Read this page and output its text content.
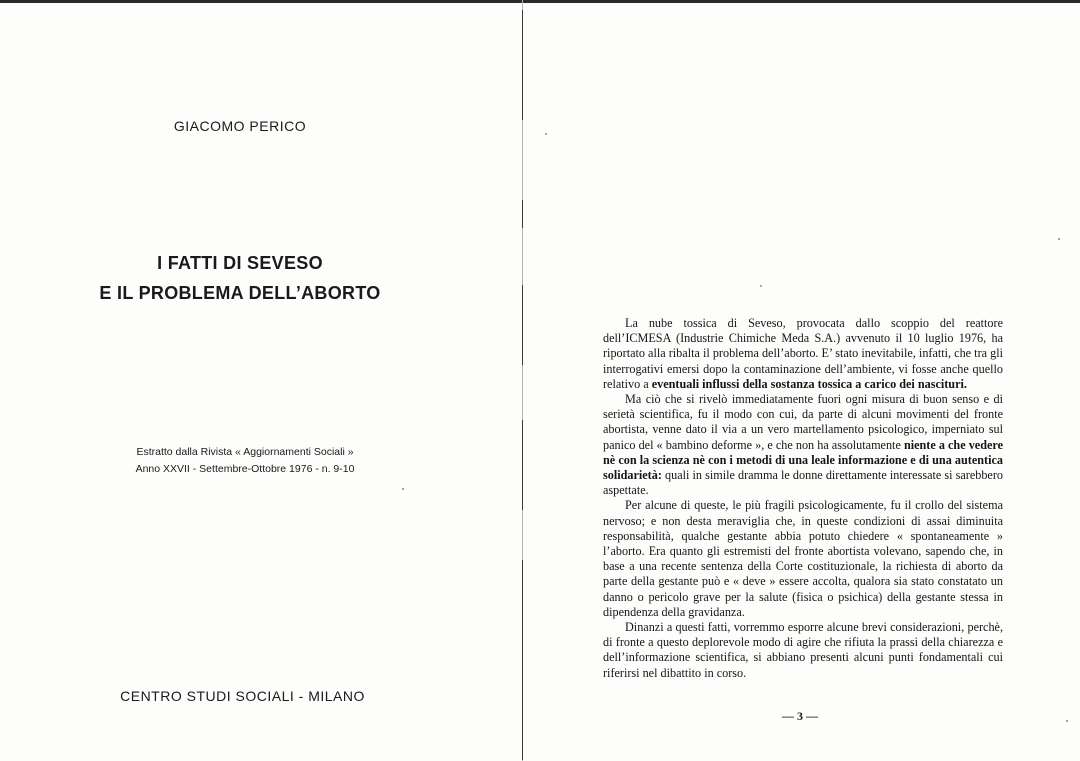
GIACOMO PERICO
I FATTI DI SEVESO
E IL PROBLEMA DELL’ABORTO
Estratto dalla Rivista « Aggiornamenti Sociali »
Anno XXVII - Settembre-Ottobre 1976 - n. 9-10
CENTRO STUDI SOCIALI - MILANO

La nube tossica di Seveso, provocata dallo scoppio del reattore dell’ICMESA (Industrie Chimiche Meda S.A.) avvenuto il 10 luglio 1976, ha riportato alla ribalta il problema dell’aborto. E’ stato inevitabile, infatti, che tra gli interrogativi emersi dopo la contaminazione dell’ambiente, vi fosse anche quello relativo a eventuali influssi della sostanza tossica a carico dei nascituri.

Ma ciò che si rivelò immediatamente fuori ogni misura di buon senso e di serietà scientifica, fu il modo con cui, da parte di alcuni movimenti del fronte abortista, venne dato il via a un vero martellamento psicologico, imperniato sul panico del « bambino deforme », e che non ha assolutamente niente a che vedere nè con la scienza nè con i metodi di una leale informazione e di una autentica solidarietà: quali in simile dramma le donne direttamente interessate si sarebbero aspettate.

Per alcune di queste, le più fragili psicologicamente, fu il crollo del sistema nervoso; e non desta meraviglia che, in queste condizioni di assai diminuita responsabilità, qualche gestante abbia potuto chiedere « spontaneamente » l’aborto. Era quanto gli estremisti del fronte abortista volevano, sapendo che, in base a una recente sentenza della Corte costituzionale, la richiesta di aborto da parte della gestante può e « deve » essere accolta, qualora sia stato constatato un danno o pericolo grave per la salute (fisica o psichica) della gestante stessa in dipendenza della gravidanza.

Dinanzi a questi fatti, vorremmo esporre alcune brevi considerazioni, perchè, di fronte a questo deplorevole modo di agire che rifiuta la prassi della chiarezza e dell’informazione scientifica, si abbiano presenti alcuni punti fondamentali cui riferirsi nel dibattito in corso.

— 3 —
